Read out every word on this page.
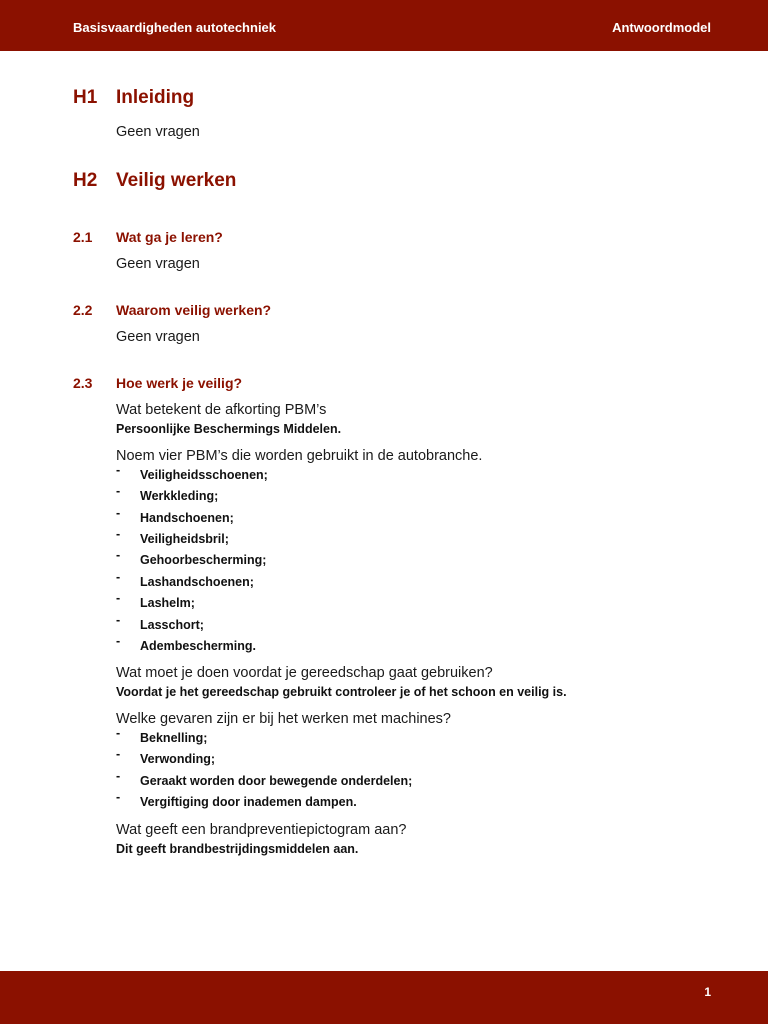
Basisvaardigheden autotechniek	Antwoordmodel
H1 Inleiding
Geen vragen
H2 Veilig werken
2.1 Wat ga je leren?
Geen vragen
2.2 Waarom veilig werken?
Geen vragen
2.3 Hoe werk je veilig?
Wat betekent de afkorting PBM’s
Persoonlijke Beschermings Middelen.
Noem vier PBM’s die worden gebruikt in de autobranche.
- Veiligheidsschoenen;
- Werkkleding;
- Handschoenen;
- Veiligheidsbril;
- Gehoorbescherming;
- Lashandschoenen;
- Lashelm;
- Lasschort;
- Adembescherming.
Wat moet je doen voordat je gereedschap gaat gebruiken?
Voordat je het gereedschap gebruikt controleer je of het schoon en veilig is.
Welke gevaren zijn er bij het werken met machines?
- Beknelling;
- Verwonding;
- Geraakt worden door bewegende onderdelen;
- Vergiftiging door inademen dampen.
Wat geeft een brandpreventiepictogram aan?
Dit geeft brandbestrijdingsmiddelen aan.
1
